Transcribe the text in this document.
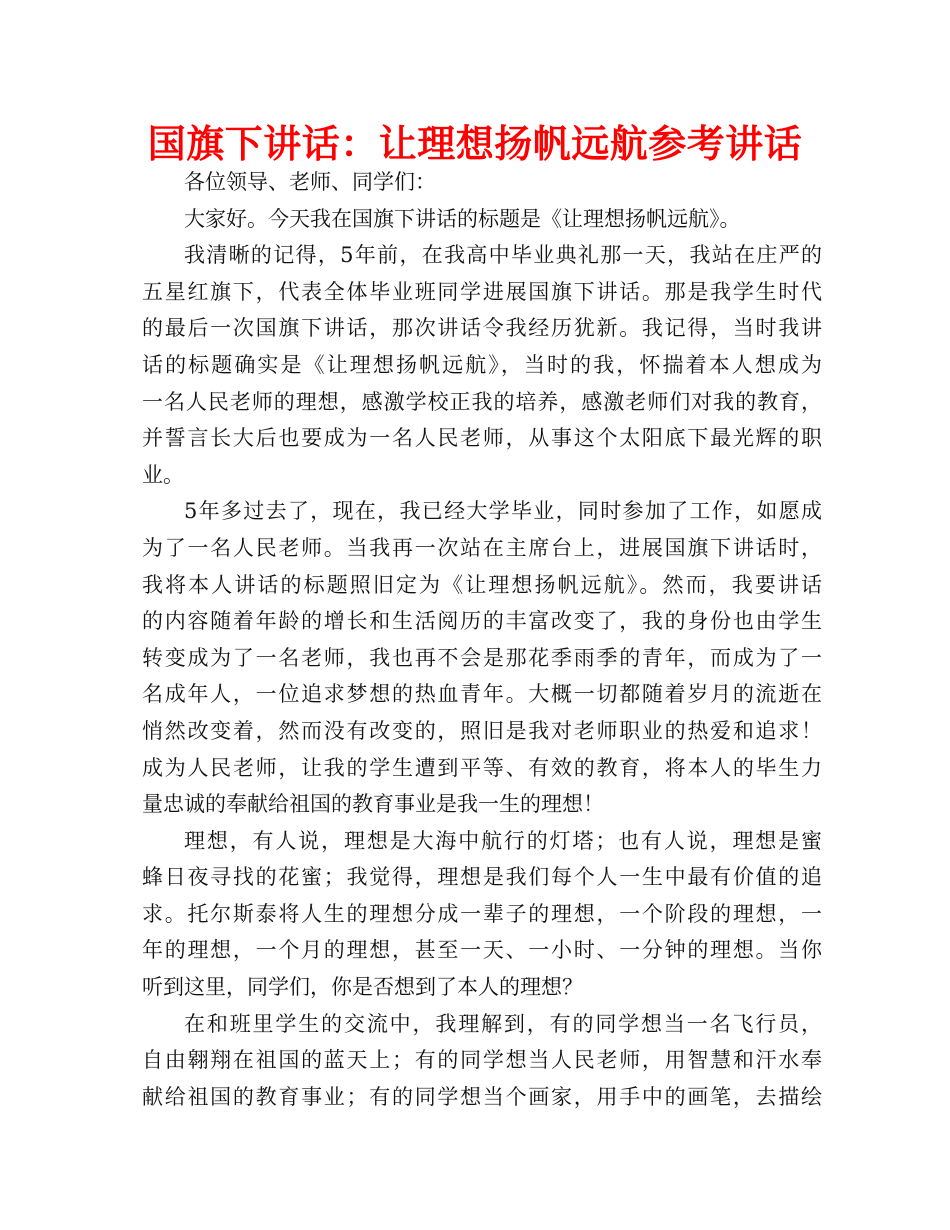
国旗下讲话：让理想扬帆远航参考讲话
各位领导、老师、同学们：
大家好。今天我在国旗下讲话的标题是《让理想扬帆远航》。
我清晰的记得，5年前，在我高中毕业典礼那一天，我站在庄严的
五星红旗下，代表全体毕业班同学进展国旗下讲话。那是我学生时代
的最后一次国旗下讲话，那次讲话令我经历犹新。我记得，当时我讲
话的标题确实是《让理想扬帆远航》，当时的我，怀揣着本人想成为
一名人民老师的理想，感激学校正我的培养，感激老师们对我的教育，
并誓言长大后也要成为一名人民老师，从事这个太阳底下最光辉的职
业。
5年多过去了，现在，我已经大学毕业，同时参加了工作，如愿成
为了一名人民老师。当我再一次站在主席台上，进展国旗下讲话时，
我将本人讲话的标题照旧定为《让理想扬帆远航》。然而，我要讲话
的内容随着年龄的增长和生活阅历的丰富改变了，我的身份也由学生
转变成为了一名老师，我也再不会是那花季雨季的青年，而成为了一
名成年人，一位追求梦想的热血青年。大概一切都随着岁月的流逝在
悄然改变着，然而没有改变的，照旧是我对老师职业的热爱和追求！
成为人民老师，让我的学生遭到平等、有效的教育，将本人的毕生力
量忠诚的奉献给祖国的教育事业是我一生的理想！
理想，有人说，理想是大海中航行的灯塔；也有人说，理想是蜜
蜂日夜寻找的花蜜；我觉得，理想是我们每个人一生中最有价值的追
求。托尔斯泰将人生的理想分成一辈子的理想，一个阶段的理想，一
年的理想，一个月的理想，甚至一天、一小时、一分钟的理想。当你
听到这里，同学们，你是否想到了本人的理想？
在和班里学生的交流中，我理解到，有的同学想当一名飞行员，
自由翱翔在祖国的蓝天上；有的同学想当人民老师，用智慧和汗水奉
献给祖国的教育事业；有的同学想当个画家，用手中的画笔，去描绘
